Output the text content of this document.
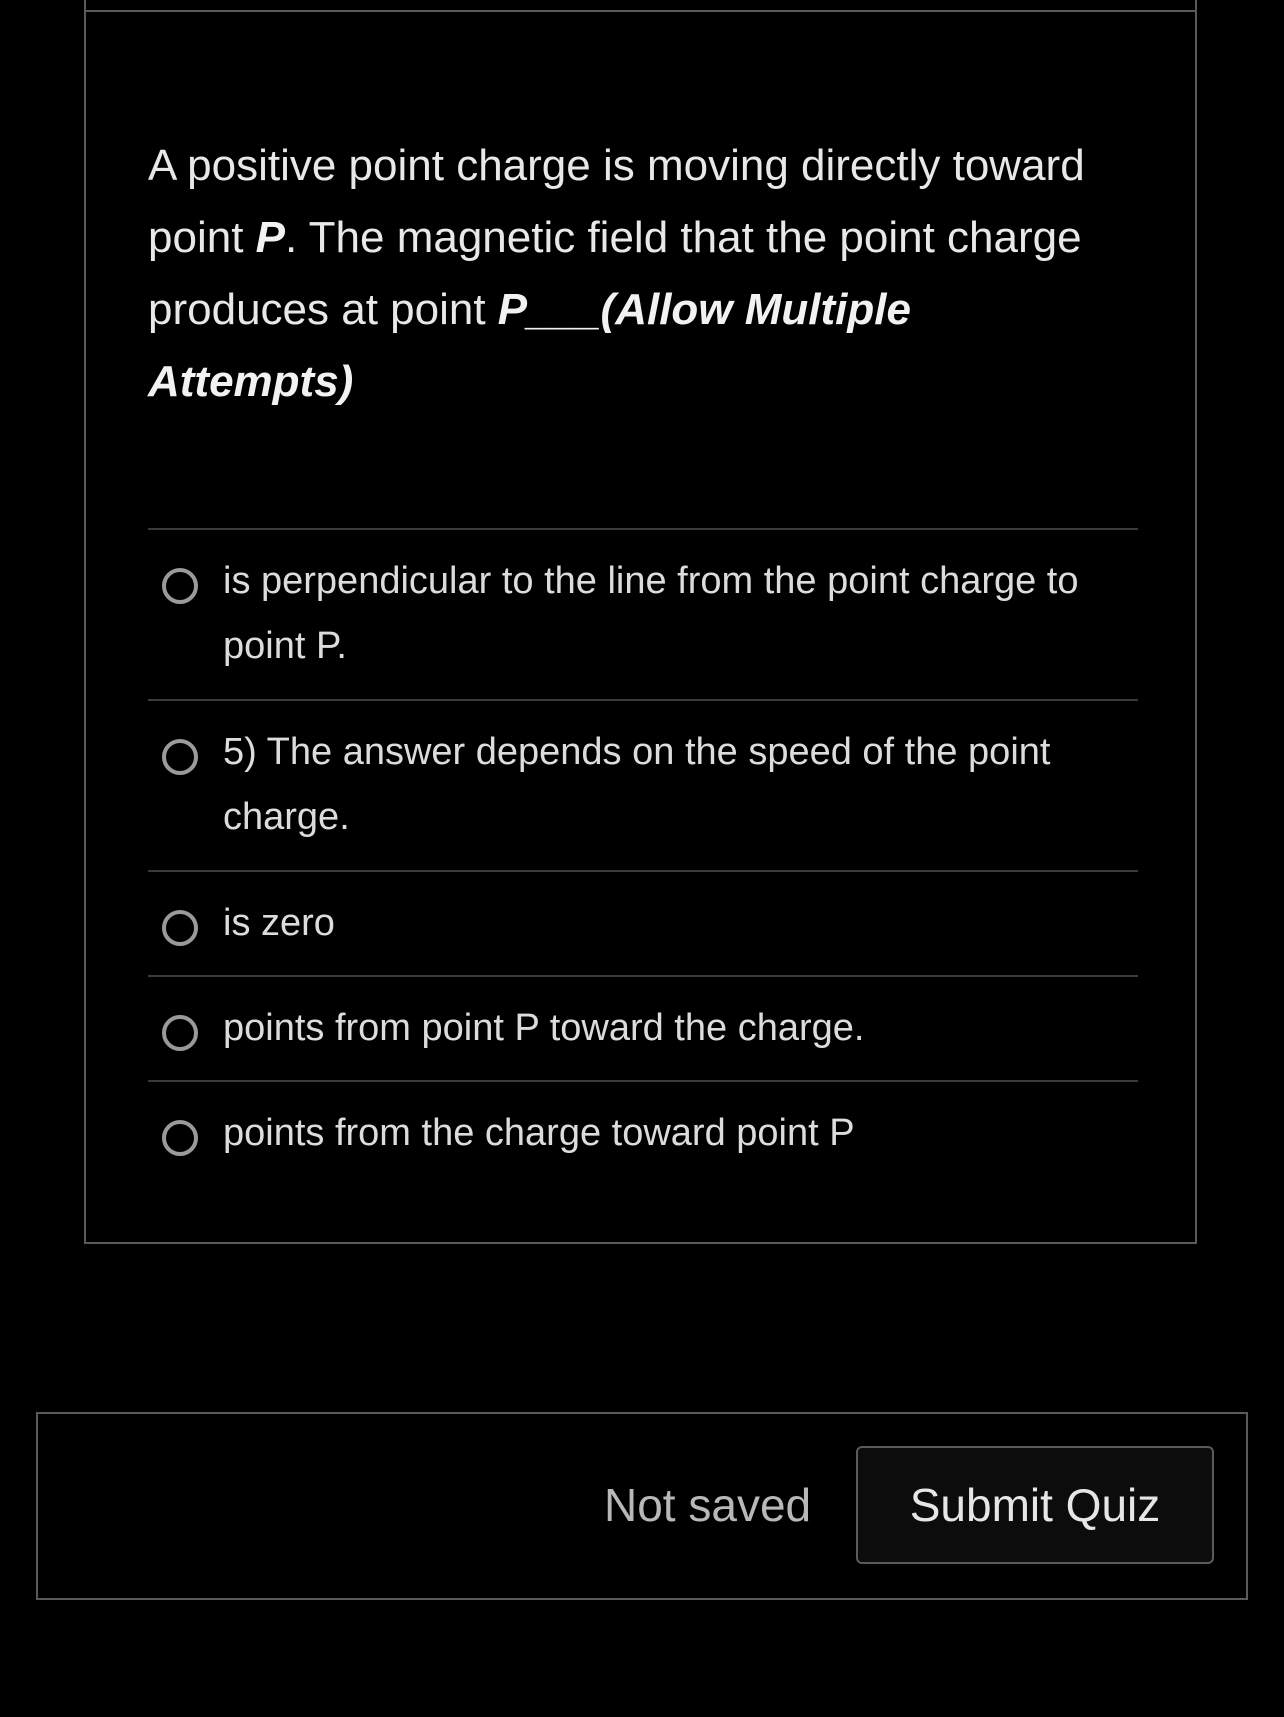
A positive point charge is moving directly toward point P. The magnetic field that the point charge produces at point P___(Allow Multiple Attempts)
is perpendicular to the line from the point charge to point P.
5) The answer depends on the speed of the point charge.
is zero
points from point P toward the charge.
points from the charge toward point P
Not saved	Submit Quiz
